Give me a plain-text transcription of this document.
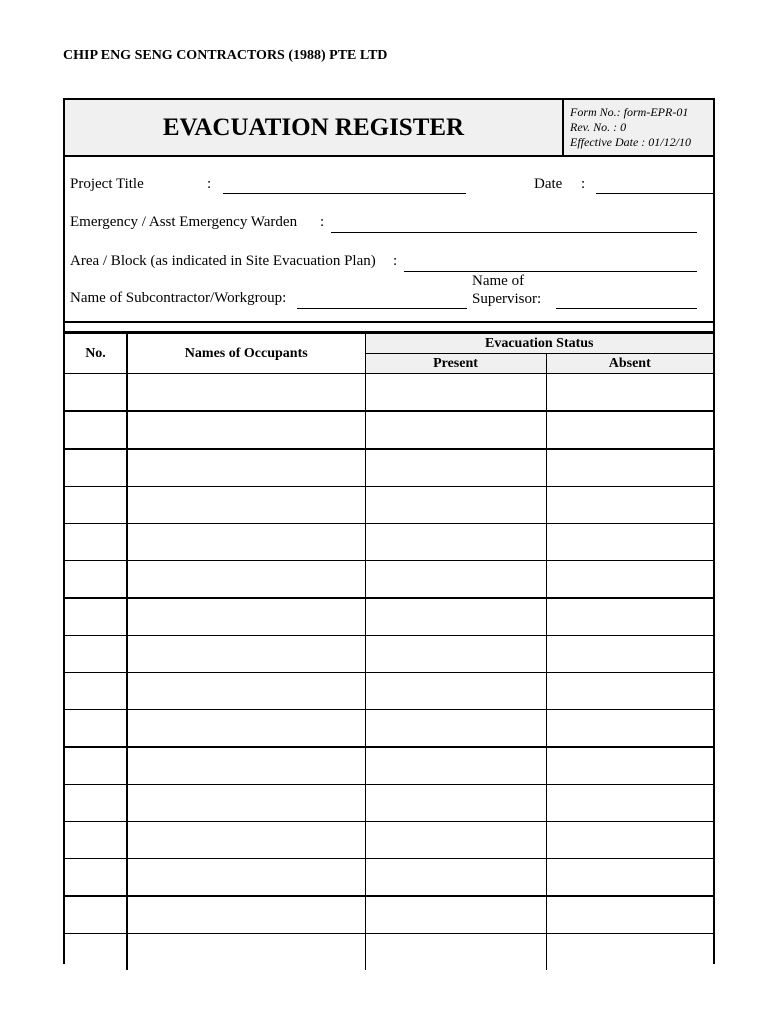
CHIP ENG SENG CONTRACTORS (1988) PTE LTD
EVACUATION REGISTER
Form No.: form-EPR-01
Rev. No. : 0
Effective Date : 01/12/10
Project Title	:	Date :
Emergency / Asst Emergency Warden :
Area / Block (as indicated in Site Evacuation Plan) :
Name of Subcontractor/Workgroup:
Name of
Supervisor:
No.	Names of Occupants	Evacuation Status	
		Present	Absent
